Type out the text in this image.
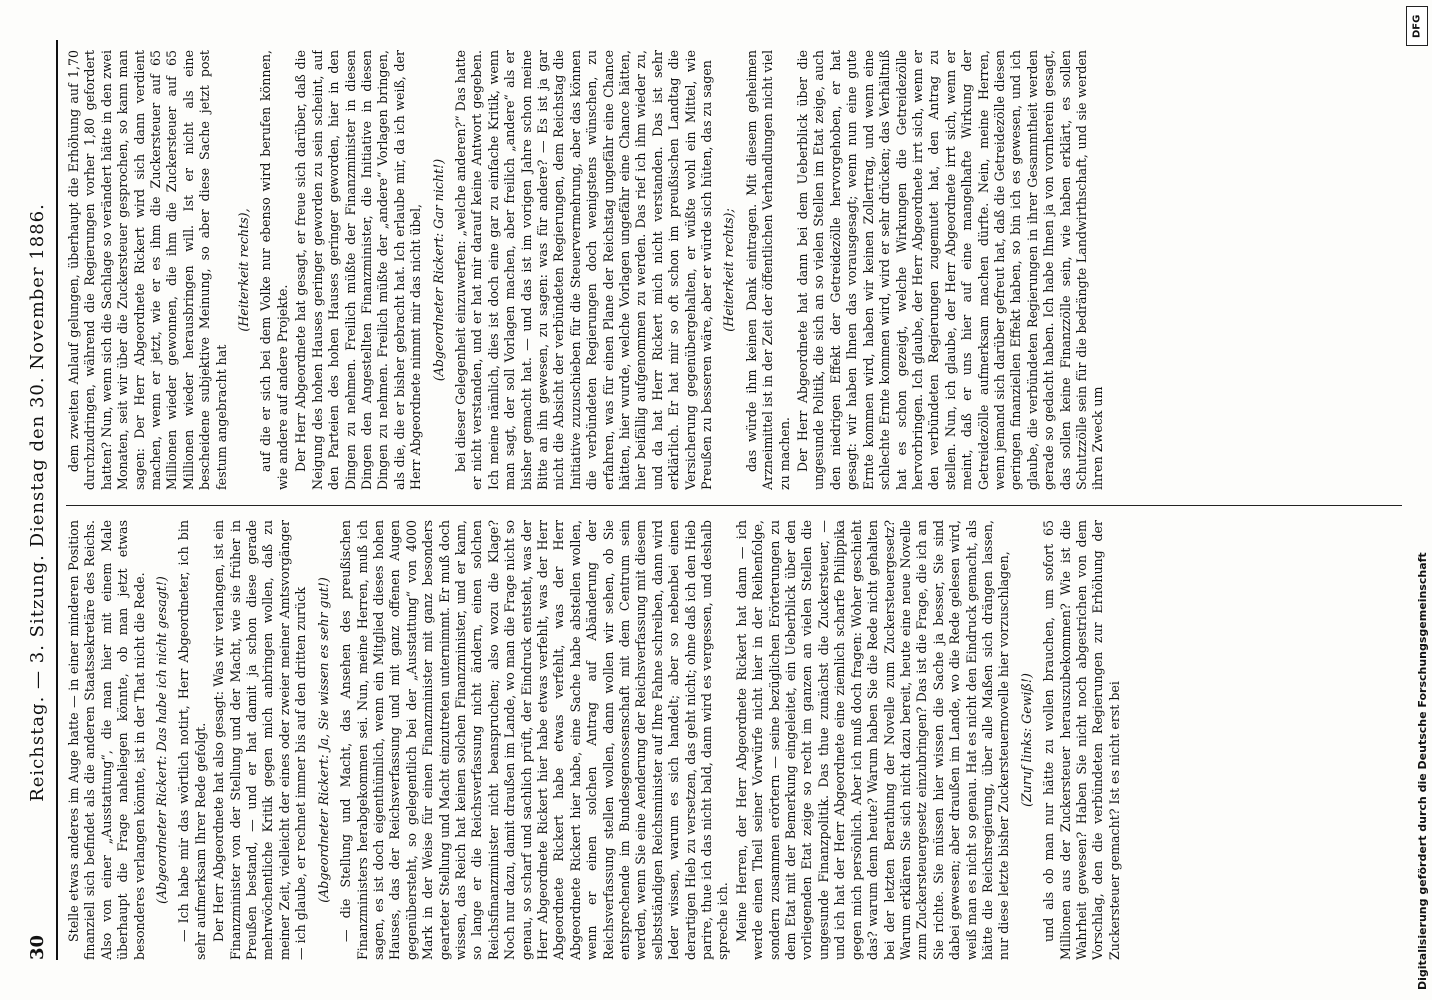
30
Reichstag. — 3. Sitzung. Dienstag den 30. November 1886. Stelle etwas anderes im Auge hatte — in einer minderen Position finanziell sich befindet als die anderen Staatssekretäre des Reichs. Also von einer „Ausstattung“, die man hier mit einem Male überhaupt die Frage naheliegen könnte, ob man jetzt etwas besonderes verlangen könnte, ist in der That nicht die Rede. (Abgeordneter Rickert: Das habe ich nicht gesagt!) — Ich habe mir das wörtlich notirt, Herr Abgeordneter, ich bin sehr aufmerksam Ihrer Rede gefolgt. Der Herr Abgeordnete hat also gesagt: Was wir verlangen, ist ein Finanzminister von der Stellung und der Macht, wie sie früher in Preußen bestand, — und er hat damit ja schon diese gerade mehrwöchentliche Kritik gegen mich anbringen wollen, daß zu meiner Zeit, vielleicht der eines oder zweier meiner Amtsvorgänger — ich glaube, er rechnet immer bis auf den dritten zurück (Abgeordneter Rickert: Ja, Sie wissen es sehr gut!) — die Stellung und Macht, das Ansehen des preußischen Finanzministers herabgekommen sei. Nun, meine Herren, muß ich sagen, es ist doch eigenthümlich, wenn ein Mitglied dieses hohen Hauses, das der Reichsverfassung und mit ganz offenen Augen gegenübersteht, so gelegentlich bei der „Ausstattung“ von 4000 Mark in der Weise für einen Finanzminister mit ganz besonders gearteter Stellung und Macht einzutreten unternimmt. Er muß doch wissen, das Reich hat keinen solchen Finanzminister, und er kann, so lange er die Reichsverfassung nicht ändern, einen solchen Reichsfinanzminister nicht beanspruchen; also wozu die Klage? Noch nur dazu, damit draußen im Lande, wo man die Frage nicht so genau, so scharf und sachlich prüft, der Eindruck entsteht, was der Herr Abgeordnete Rickert hier habe etwas verfehlt, was der Herr Abgeordnete Rickert habe etwas verfehlt, was der Herr Abgeordnete Rickert hier habe, eine Sache habe abstellen wollen, wenn er einen solchen Antrag auf Abänderung der Reichsverfassung stellen wollen, dann wollen wir sehen, ob Sie entsprechende im Bundesgenossenschaft mit dem Centrum sein werden, wenn Sie eine Aenderung der Reichsverfassung mit diesem selbstständigen Reichsminister auf Ihre Fahne schreiben, dann wird Ieder wissen, warum es sich handelt; aber so nebenbei einen derartigen Hieb zu versetzen, das geht nicht; ohne daß ich den Hieb parire, thue ich das nicht bald, dann wird es vergessen, und deshalb spreche ich. Meine Herren, der Herr Abgeordnete Rickert hat dann — ich werde einen Theil seiner Vorwürfe nicht hier in der Reihenfolge, sondern zusammen erörtern — seine bezüglichen Erörterungen zu dem Etat mit der Bemerkung eingeleitet, ein Ueberblick über den vorliegenden Etat zeige so recht im ganzen an vielen Stellen die ungesunde Finanzpolitik. Das thue zunächst die Zuckersteuer, — und ich hat der Herr Abgeordnete eine ziemlich scharfe Philippika gegen mich persönlich. Aber ich muß doch fragen: Woher geschieht das? warum denn heute? Warum haben Sie die Rede nicht gehalten bei der letzten Berathung der Novelle zum Zuckersteuergesetz? Warum erklären Sie sich nicht dazu bereit, heute eine neue Novelle zum Zuckersteuergesetz einzubringen? Das ist die Frage, die ich an Sie richte. Sie müssen hier wissen die Sache ja besser, Sie sind dabei gewesen; aber draußen im Lande, wo die Rede gelesen wird, weiß man es nicht so genau. Hat es nicht den Eindruck gemacht, als hätte die Reichsregierung, über alle Maßen sich drängen lassen, nur diese letzte bisher Zuckersteuernovelle hier vorzuschlagen, (Zuruf links: Gewiß!) und als ob man nur hätte zu wollen brauchen, um sofort 65 Millionen aus der Zuckersteuer herauszubekommen? Wie ist die Wahrheit gewesen? Haben Sie nicht noch abgestrichen von dem Vorschlag, den die verbündeten Regierungen zur Erhöhung der Zuckersteuer gemacht? Ist es nicht erst bei

dem zweiten Anlauf gelungen, überhaupt die Erhöhung auf 1,70 durchzudringen, während die Regierungen vorher 1,80 gefordert hatten? Nun, wenn sich die Sachlage so verändert hätte in den zwei Monaten, seit wir über die Zuckersteuer gesprochen, so kann man sagen: Der Herr Abgeordnete Rickert wird sich dann verdient machen, wenn er jetzt, wie er es ihm die Zuckersteuer auf 65 Millionen wieder gewonnen, die ihm die Zuckersteuer auf 65 Millionen wieder herausbringen will. Ist er nicht als eine bescheidene subjektive Meinung, so aber diese Sache jetzt post festum angebracht hat

(Heiterkeit rechts), auf die er sich bei dem Volke nur ebenso wird berufen können, wie andere auf andere Projekte. Der Herr Abgeordnete hat gesagt, er freue sich darüber, daß die Neigung des hohen Hauses geringer geworden zu sein scheint, auf den Parteien des hohen Hauses geringer geworden, hier in den Dingen zu nehmen. Freilich müßte der Finanzminister in diesen Dingen den Angestellten Finanzminister, die Initiative in diesen Dingen zu nehmen. Freilich müßte der „andere“ Vorlagen bringen, als die, die er bisher gebracht hat. Ich erlaube mir, da ich weiß, der Herr Abgeordnete nimmt mir das nicht übel, (Abgeordneter Rickert: Gar nicht!) bei dieser Gelegenheit einzuwerfen: „welche anderen?“ Das hatte er nicht verstanden, und er hat mir darauf keine Antwort gegeben. Ich meine nämlich, dies ist doch eine gar zu einfache Kritik, wenn man sagt, der soll Vorlagen machen, aber freilich „andere“ als er bisher gemacht hat. — und das ist im vorigen Jahre schon meine Bitte an ihn gewesen, zu sagen: was für andere? — Es ist ja gar nicht die Absicht der verbündeten Regierungen, dem Reichstag die Initiative zuzuschieben für die Steuervermehrung, aber das können die verbündeten Regierungen doch wenigstens wünschen, zu erfahren, was für einen Plane der Reichstag ungefähr eine Chance hätten, hier wurde, welche Vorlagen ungefähr eine Chance hätten, hier beifällig aufgenommen zu werden. Das rief ich ihm wieder zu, und da hat Herr Rickert mich nicht verstanden. Das ist sehr erklärlich. Er hat mir so oft schon im preußischen Landtag die Versicherung gegenübergehalten, er wüßte wohl ein Mittel, wie Preußen zu besseren wäre, aber er würde sich hüten, das zu sagen (Heiterkeit rechts); das würde ihm keinen Dank eintragen. Mit diesem geheimen Arzneimittel ist in der Zeit der öffentlichen Verhandlungen nicht viel zu machen. Der Herr Abgeordnete hat dann bei dem Ueberblick über die ungesunde Politik, die sich an so vielen Stellen im Etat zeige, auch den niedrigen Effekt der Getreidezölle hervorgehoben, er hat gesagt: wir haben Ihnen das vorausgesagt; wenn nun eine gute Ernte kommen wird, haben wir keinen Zollertrag, und wenn eine schlechte Ernte kommen wird, wird er sehr drücken; das Verhältniß hat es schon gezeigt, welche Wirkungen die Getreidezölle hervorbringen. Ich glaube, der Herr Abgeordnete irrt sich, wenn er den verbündeten Regierungen zugemutet hat, den Antrag zu stellen. Nun, ich glaube, der Herr Abgeordnete irrt sich, wenn er meint, daß er uns hier auf eine mangelhafte Wirkung der Getreidezölle aufmerksam machen dürfte. Nein, meine Herren, wenn jemand sich darüber gefreut hat, daß die Getreidezölle diesen geringen finanziellen Effekt haben, so bin ich es gewesen, und ich glaube, die verbündeten Regierungen in ihrer Gesammtheit werden gerade so gedacht haben. Ich habe Ihnen ja von vornherein gesagt, das sollen keine Finanzzölle sein, wie haben erklärt, es sollen Schutzzölle sein für die bedrängte Landwirthschaft, und sie werden ihren Zweck um

DFG
Digitalisierung gefördert durch die Deutsche Forschungsgemeinschaft
